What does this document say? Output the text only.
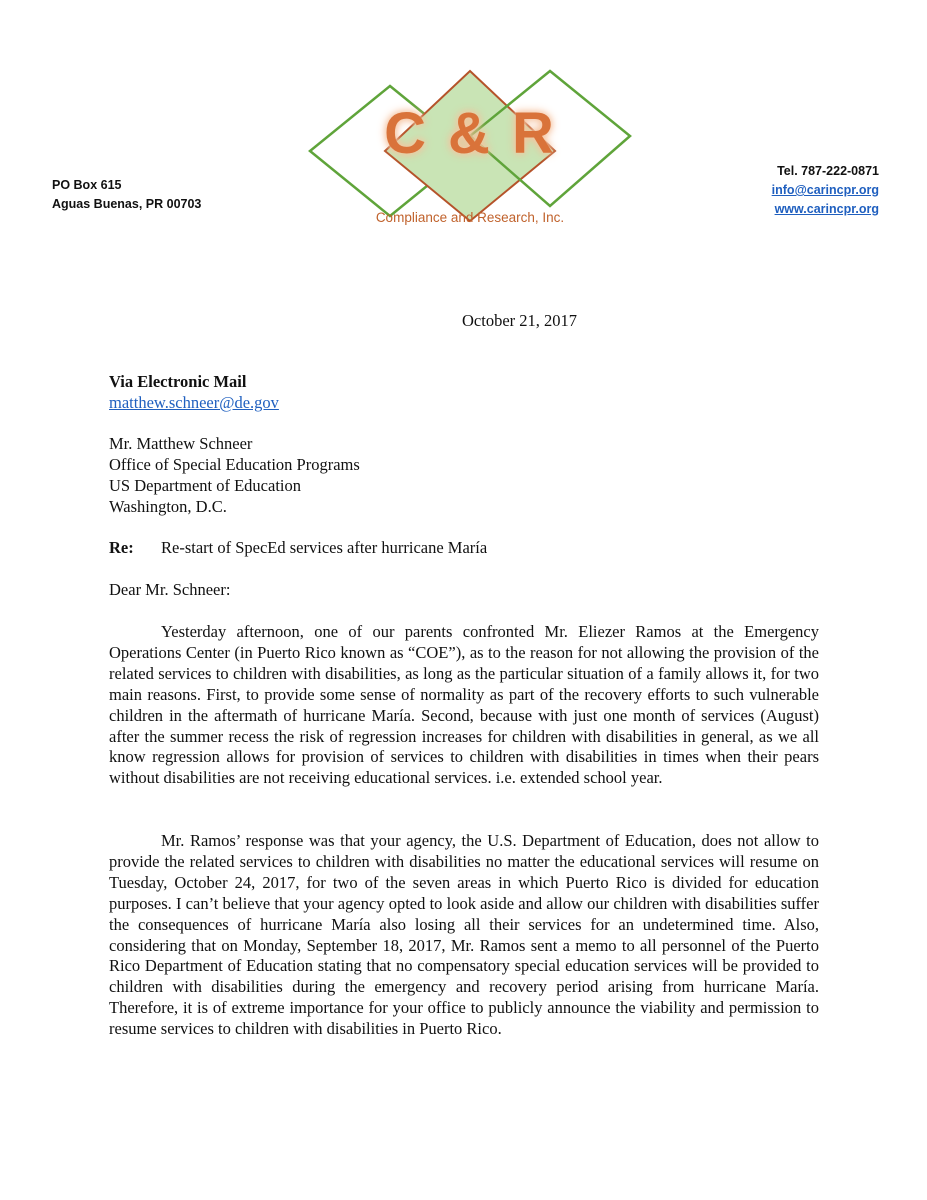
C & R
Compliance and Research, Inc.
PO Box 615
Aguas Buenas, PR 00703
Tel. 787-222-0871
info@carincpr.org
www.carincpr.org
October 21, 2017
Via Electronic Mail
matthew.schneer@de.gov
Mr. Matthew Schneer
Office of Special Education Programs
US Department of Education
Washington, D.C.
Re: Re-start of SpecEd services after hurricane María
Dear Mr. Schneer:

Yesterday afternoon, one of our parents confronted Mr. Eliezer Ramos at the Emergency Operations Center (in Puerto Rico known as “COE”), as to the reason for not allowing the provision of the related services to children with disabilities, as long as the particular situation of a family allows it, for two main reasons. First, to provide some sense of normality as part of the recovery efforts to such vulnerable children in the aftermath of hurricane María. Second, because with just one month of services (August) after the summer recess the risk of regression increases for children with disabilities in general, as we all know regression allows for provision of services to children with disabilities in times when their pears without disabilities are not receiving educational services. i.e. extended school year.

Mr. Ramos’ response was that your agency, the U.S. Department of Education, does not allow to provide the related services to children with disabilities no matter the educational services will resume on Tuesday, October 24, 2017, for two of the seven areas in which Puerto Rico is divided for education purposes. I can’t believe that your agency opted to look aside and allow our children with disabilities suffer the consequences of hurricane María also losing all their services for an undetermined time. Also, considering that on Monday, September 18, 2017, Mr. Ramos sent a memo to all personnel of the Puerto Rico Department of Education stating that no compensatory special education services will be provided to children with disabilities during the emergency and recovery period arising from hurricane María. Therefore, it is of extreme importance for your office to publicly announce the viability and permission to resume services to children with disabilities in Puerto Rico.
